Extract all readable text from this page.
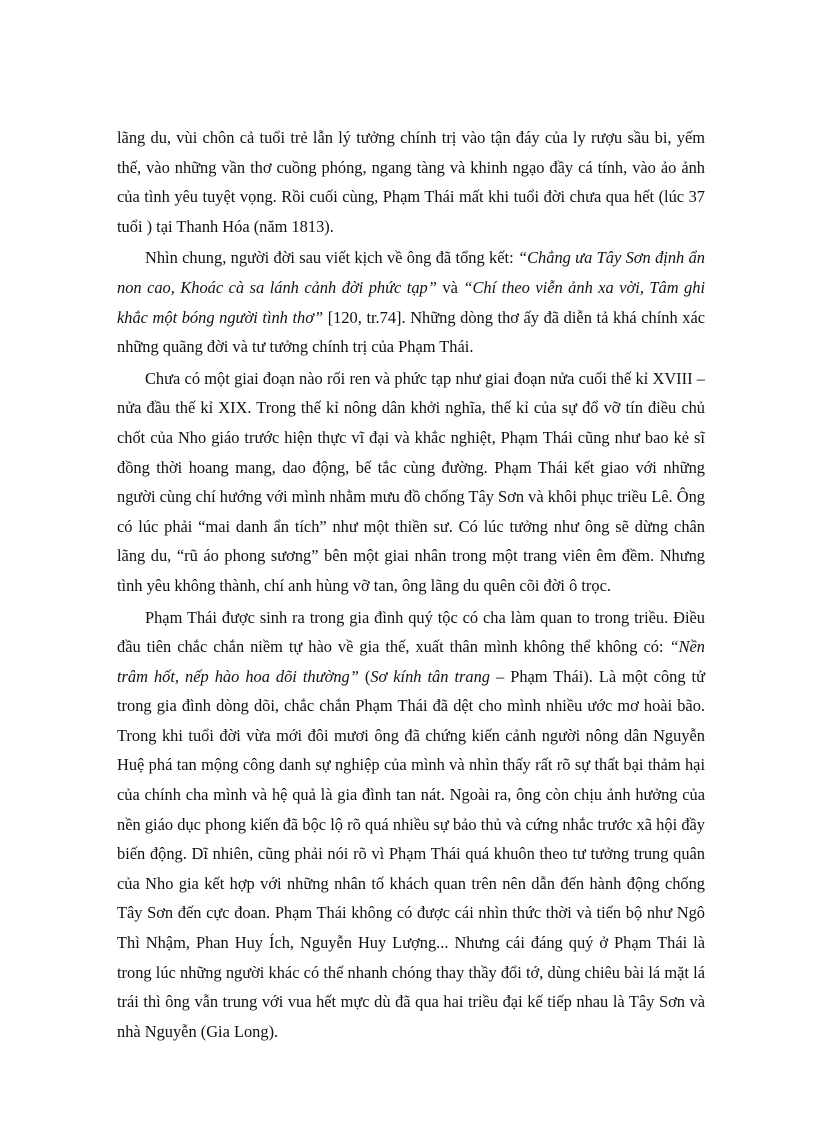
lãng du, vùi chôn cả tuổi trẻ lẫn lý tưởng chính trị vào tận đáy của ly rượu sầu bi, yếm thế, vào những vần thơ cuồng phóng, ngang tàng và khinh ngạo đầy cá tính, vào ảo ảnh của tình yêu tuyệt vọng. Rồi cuối cùng, Phạm Thái mất khi tuổi đời chưa qua hết (lúc 37 tuổi ) tại Thanh Hóa (năm 1813).

Nhìn chung, người đời sau viết kịch về ông đã tổng kết: “Chẳng ưa Tây Sơn định ẩn non cao, Khoác cà sa lánh cảnh đời phức tạp” và “Chí theo viễn ảnh xa vời, Tâm ghi khắc một bóng người tình thơ” [120, tr.74]. Những dòng thơ ấy đã diễn tả khá chính xác những quãng đời và tư tưởng chính trị của Phạm Thái.

Chưa có một giai đoạn nào rối ren và phức tạp như giai đoạn nửa cuối thế kỉ XVIII – nửa đầu thế kỉ XIX. Trong thế kỉ nông dân khởi nghĩa, thế kỉ của sự đổ vỡ tín điều chủ chốt của Nho giáo trước hiện thực vĩ đại và khắc nghiệt, Phạm Thái cũng như bao kẻ sĩ đồng thời hoang mang, dao động, bế tắc cùng đường. Phạm Thái kết giao với những người cùng chí hướng với mình nhằm mưu đồ chống Tây Sơn và khôi phục triều Lê. Ông có lúc phải “mai danh ẩn tích” như một thiền sư. Có lúc tưởng như ông sẽ dừng chân lãng du, “rũ áo phong sương” bên một giai nhân trong một trang viên êm đềm. Nhưng tình yêu không thành, chí anh hùng vỡ tan, ông lãng du quên cõi đời ô trọc.

Phạm Thái được sinh ra trong gia đình quý tộc có cha làm quan to trong triều. Điều đầu tiên chắc chắn niềm tự hào về gia thế, xuất thân mình không thể không có: “Nền trâm hốt, nếp hào hoa dõi thường” (Sơ kính tân trang – Phạm Thái). Là một công tử trong gia đình dòng dõi, chắc chắn Phạm Thái đã dệt cho mình nhiều ước mơ hoài bão. Trong khi tuổi đời vừa mới đôi mươi ông đã chứng kiến cảnh người nông dân Nguyễn Huệ phá tan mộng công danh sự nghiệp của mình và nhìn thấy rất rõ sự thất bại thảm hại của chính cha mình và hệ quả là gia đình tan nát. Ngoài ra, ông còn chịu ảnh hưởng của nền giáo dục phong kiến đã bộc lộ rõ quá nhiều sự bảo thủ và cứng nhắc trước xã hội đầy biến động. Dĩ nhiên, cũng phải nói rõ vì Phạm Thái quá khuôn theo tư tưởng trung quân của Nho gia kết hợp với những nhân tố khách quan trên nên dẫn đến hành động chống Tây Sơn đến cực đoan. Phạm Thái không có được cái nhìn thức thời và tiến bộ như Ngô Thì Nhậm, Phan Huy Ích, Nguyễn Huy Lượng... Nhưng cái đáng quý ở Phạm Thái là trong lúc những người khác có thể nhanh chóng thay thầy đổi tớ, dùng chiêu bài lá mặt lá trái thì ông vẫn trung với vua hết mực dù đã qua hai triều đại kế tiếp nhau là Tây Sơn và nhà Nguyễn (Gia Long).
